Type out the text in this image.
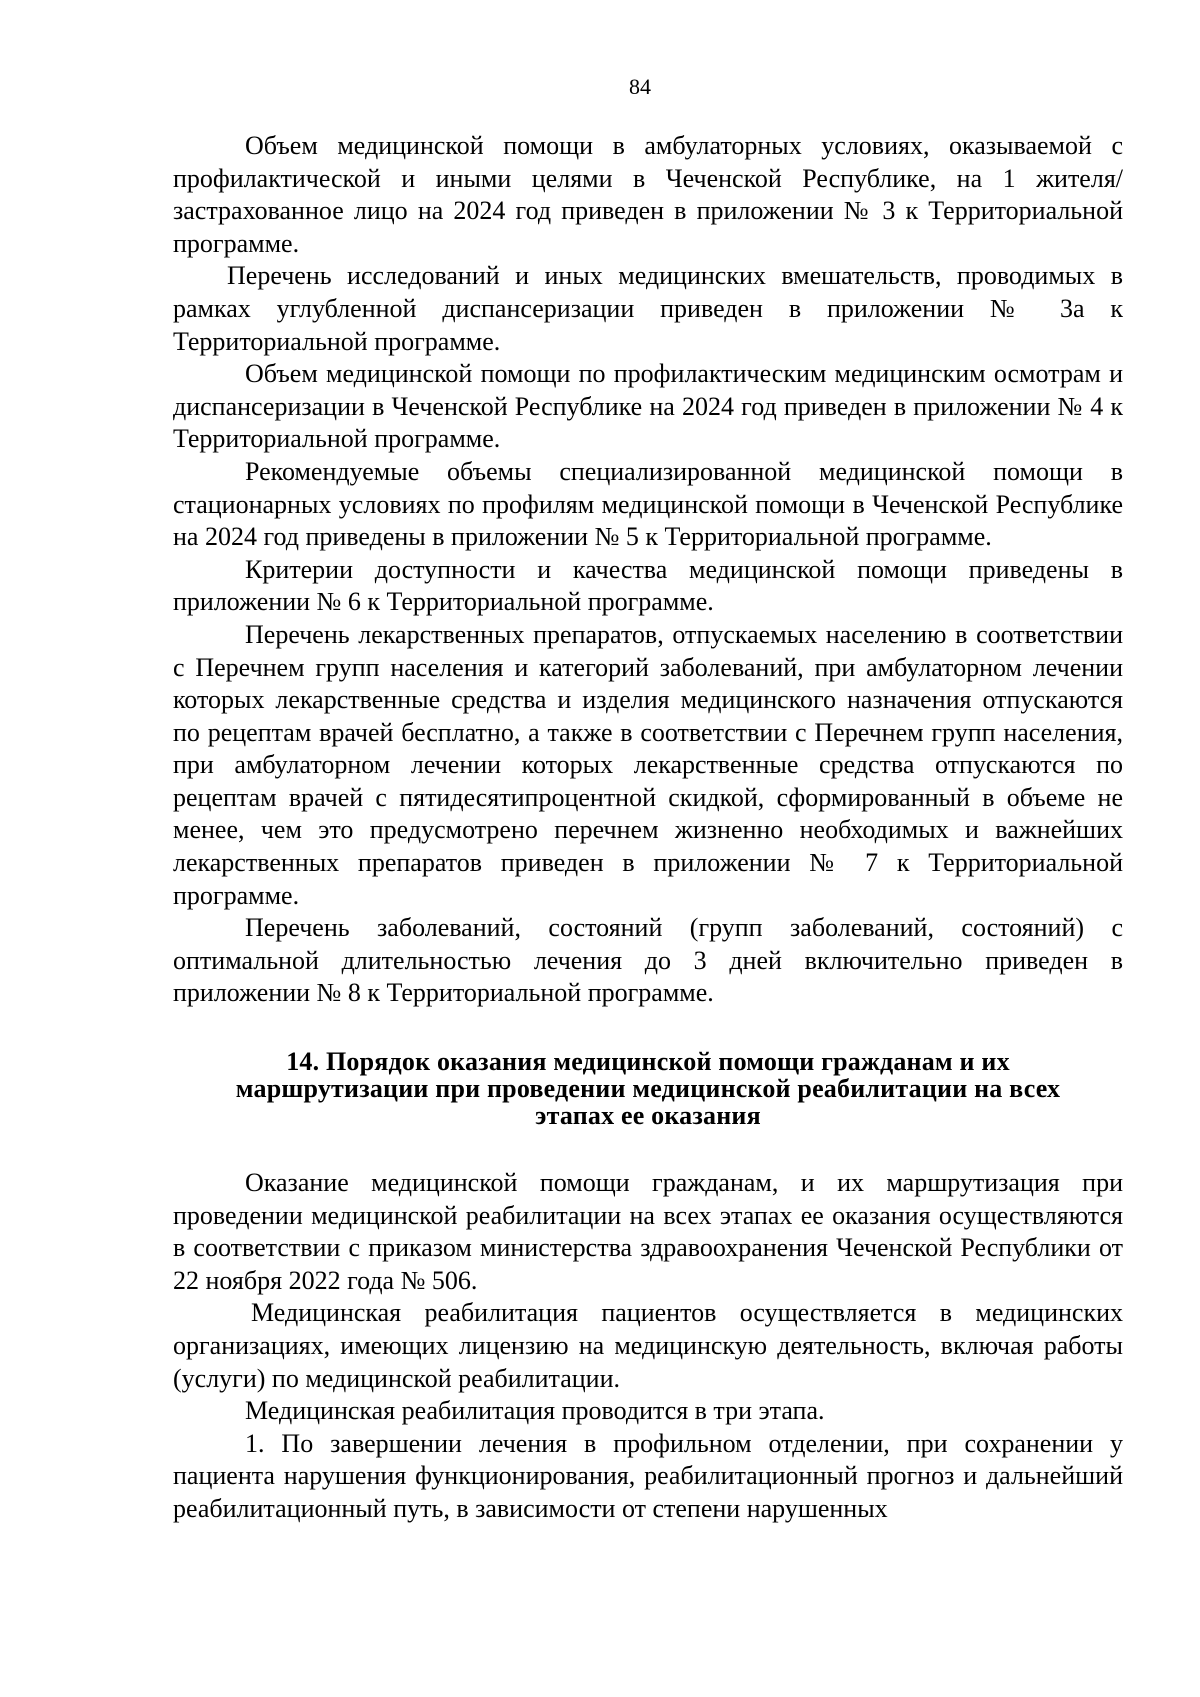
84

Объем медицинской помощи в амбулаторных условиях, оказываемой с профилактической и иными целями в Чеченской Республике, на 1 жителя/застрахованное лицо на 2024 год приведен в приложении № 3 к Территориальной программе.

Перечень исследований и иных медицинских вмешательств, проводимых в рамках углубленной диспансеризации приведен в приложении № 3а к Территориальной программе.

Объем медицинской помощи по профилактическим медицинским осмотрам и диспансеризации в Чеченской Республике на 2024 год приведен в приложении № 4 к Территориальной программе.

Рекомендуемые объемы специализированной медицинской помощи в стационарных условиях по профилям медицинской помощи в Чеченской Республике на 2024 год приведены в приложении № 5 к Территориальной программе.

Критерии доступности и качества медицинской помощи приведены в приложении № 6 к Территориальной программе.

Перечень лекарственных препаратов, отпускаемых населению в соответствии с Перечнем групп населения и категорий заболеваний, при амбулаторном лечении которых лекарственные средства и изделия медицинского назначения отпускаются по рецептам врачей бесплатно, а также в соответствии с Перечнем групп населения, при амбулаторном лечении которых лекарственные средства отпускаются по рецептам врачей с пятидесятипроцентной скидкой, сформированный в объеме не менее, чем это предусмотрено перечнем жизненно необходимых и важнейших лекарственных препаратов приведен в приложении № 7 к Территориальной программе.

Перечень заболеваний, состояний (групп заболеваний, состояний) с оптимальной длительностью лечения до 3 дней включительно приведен в приложении № 8 к Территориальной программе.

14. Порядок оказания медицинской помощи гражданам и их
маршрутизации при проведении медицинской реабилитации на всех
этапах ее оказания

Оказание медицинской помощи гражданам, и их маршрутизация при проведении медицинской реабилитации на всех этапах ее оказания осуществляются в соответствии с приказом министерства здравоохранения Чеченской Республики от 22 ноября 2022 года № 506.

Медицинская реабилитация пациентов осуществляется в медицинских организациях, имеющих лицензию на медицинскую деятельность, включая работы (услуги) по медицинской реабилитации.

Медицинская реабилитация проводится в три этапа.

1. По завершении лечения в профильном отделении, при сохранении у пациента нарушения функционирования, реабилитационный прогноз и дальнейший реабилитационный путь, в зависимости от степени нарушенных
